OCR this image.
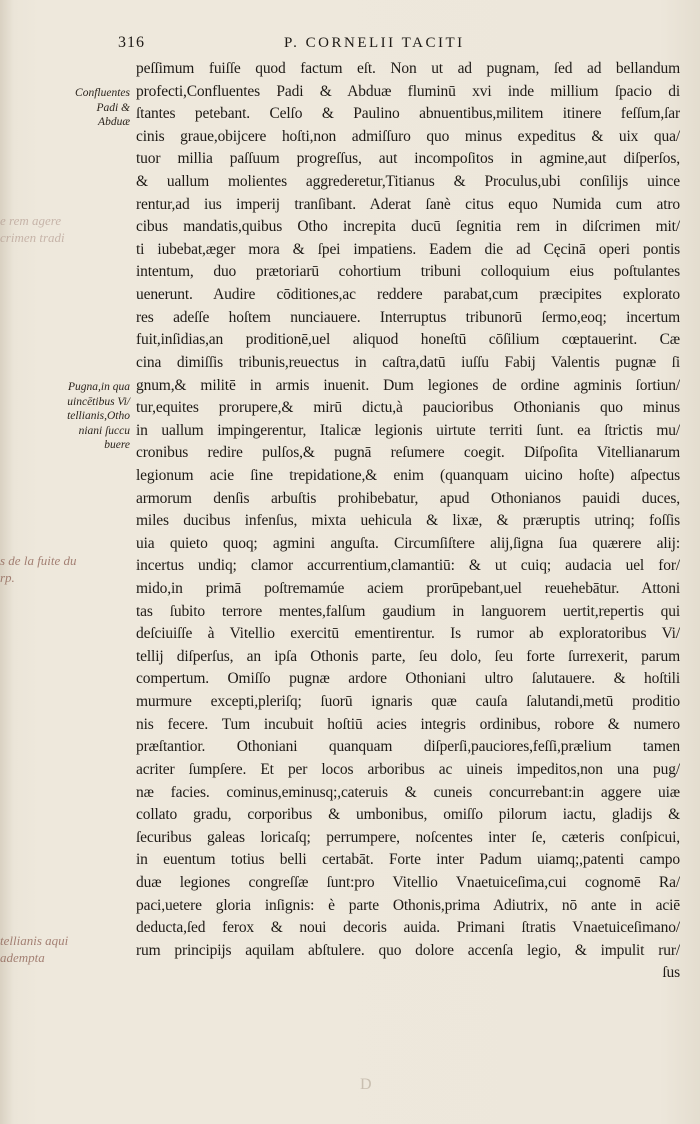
316	P. CORNELII TACITI
Confluentes
Padi &
Abduæ
Pugna,in qua
uincētibus Vi/
tellianis,Otho
niani ſuccu
buere
e rem agere
crimen tradi
s de la fuite du
rp.
tellianis aqui
adempta
peſſimum fuiſſe quod factum eſt. Non ut ad pugnam, ſed ad bellandum
profecti,Confluentes Padi & Abduæ fluminū xvi inde millium ſpacio di
ſtantes petebant. Celſo & Paulino abnuentibus,militem itinere feſſum,ſar
cinis graue,obijcere hoſti,non admiſſuro quo minus expeditus & uix qua/
tuor millia paſſuum progreſſus, aut incompoſitos in agmine,aut diſperſos,
& uallum molientes aggrederetur,Titianus & Proculus,ubi conſilijs uince
rentur,ad ius imperij tranſibant. Aderat ſanè citus equo Numida cum atro
cibus mandatis,quibus Otho increpita ducū ſegnitia rem in diſcrimen mit/
ti iubebat,æger mora & ſpei impatiens. Eadem die ad Cęcinā operi pontis
intentum, duo prætoriarū cohortium tribuni colloquium eius poſtulantes
uenerunt. Audire cōditiones,ac reddere parabat,cum præcipites explorato
res adeſſe hoſtem nunciauere. Interruptus tribunorū ſermo,eoq; incertum
fuit,inſidias,an proditionē,uel aliquod honeſtū cōſilium cœptauerint. Cæ
cina dimiſſis tribunis,reuectus in caſtra,datū iuſſu Fabij Valentis pugnæ ſi
gnum,& militē in armis inuenit. Dum legiones de ordine agminis ſortiun/
tur,equites prorupere,& mirū dictu,à paucioribus Othonianis quo minus
in uallum impingerentur, Italicæ legionis uirtute territi ſunt. ea ſtrictis mu/
cronibus redire pulſos,& pugnā reſumere coegit. Diſpoſita Vitellianarum
legionum acie ſine trepidatione,& enim (quanquam uicino hoſte) aſpectus
armorum denſis arbuſtis prohibebatur, apud Othonianos pauidi duces,
miles ducibus infenſus, mixta uehicula & lixæ, & præruptis utrinq; foſſis
uia quieto quoq; agmini anguſta. Circumſiſtere alij,ſigna ſua quærere alij:
incertus undiq; clamor accurrentium,clamantiū: & ut cuiq; audacia uel for/
mido,in primā poſtremamúe aciem prorūpebant,uel reuehebātur. Attoni
tas ſubito terrore mentes,falſum gaudium in languorem uertit,repertis qui
deſciuiſſe à Vitellio exercitū ementirentur. Is rumor ab exploratoribus Vi/
tellij diſperſus, an ipſa Othonis parte, ſeu dolo, ſeu forte ſurrexerit, parum
compertum. Omiſſo pugnæ ardore Othoniani ultro ſalutauere. & hoſtili
murmure excepti,pleriſq; ſuorū ignaris quæ cauſa ſalutandi,metū proditio
nis fecere. Tum incubuit hoſtiū acies integris ordinibus, robore & numero
præſtantior. Othoniani quanquam diſperſi,pauciores,feſſi,prælium tamen
acriter ſumpſere. Et per locos arboribus ac uineis impeditos,non una pug/
næ facies. cominus,eminusq;,cateruis & cuneis concurrebant:in aggere uiæ
collato gradu, corporibus & umbonibus, omiſſo pilorum iactu, gladijs &
ſecuribus galeas loricaſq; perrumpere, noſcentes inter ſe, cæteris conſpicui,
in euentum totius belli certabāt. Forte inter Padum uiamq;,patenti campo
duæ legiones congreſſæ ſunt:pro Vitellio Vnaetuiceſima,cui cognomē Ra/
paci,uetere gloria inſignis: è parte Othonis,prima Adiutrix, nō ante in aciē
deducta,ſed ferox & noui decoris auida. Primani ſtratis Vnaetuiceſimano/
rum principijs aquilam abſtulere. quo dolore accenſa legio, & impulit rur/
ſus
D
